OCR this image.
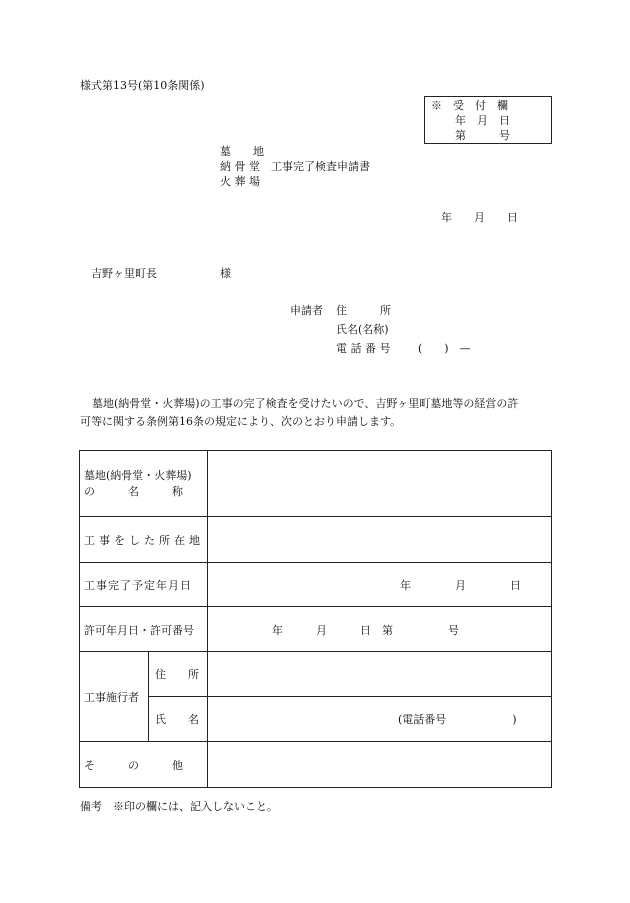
様式第13号(第10条関係)
※　受　付　欄
年　月　日
第　　　号
墓　　地
納 骨 堂　工事完了検査申請書
火 葬 場
年　　月　　日
吉野ヶ里町長	様
申請者 住　　　所
氏名(名称)
電 話 番 号	(　　)　—
墓地(納骨堂・火葬場)の工事の完了検査を受けたいので、吉野ヶ里町墓地等の経営の許
可等に関する条例第16条の規定により、次のとおり申請します。
墓地(納骨堂・火葬場)
の　　　名　　　称
工事をした所在地
工事完了予定年月日	年　　　　月　　　　日
許可年月日・許可番号	年　　　月　　　日　第　　　　　号
工事施行者
住　　所
氏　　名	(電話番号　　　　　　)
そ　　　の　　　他
備考　※印の欄には、記入しないこと。
